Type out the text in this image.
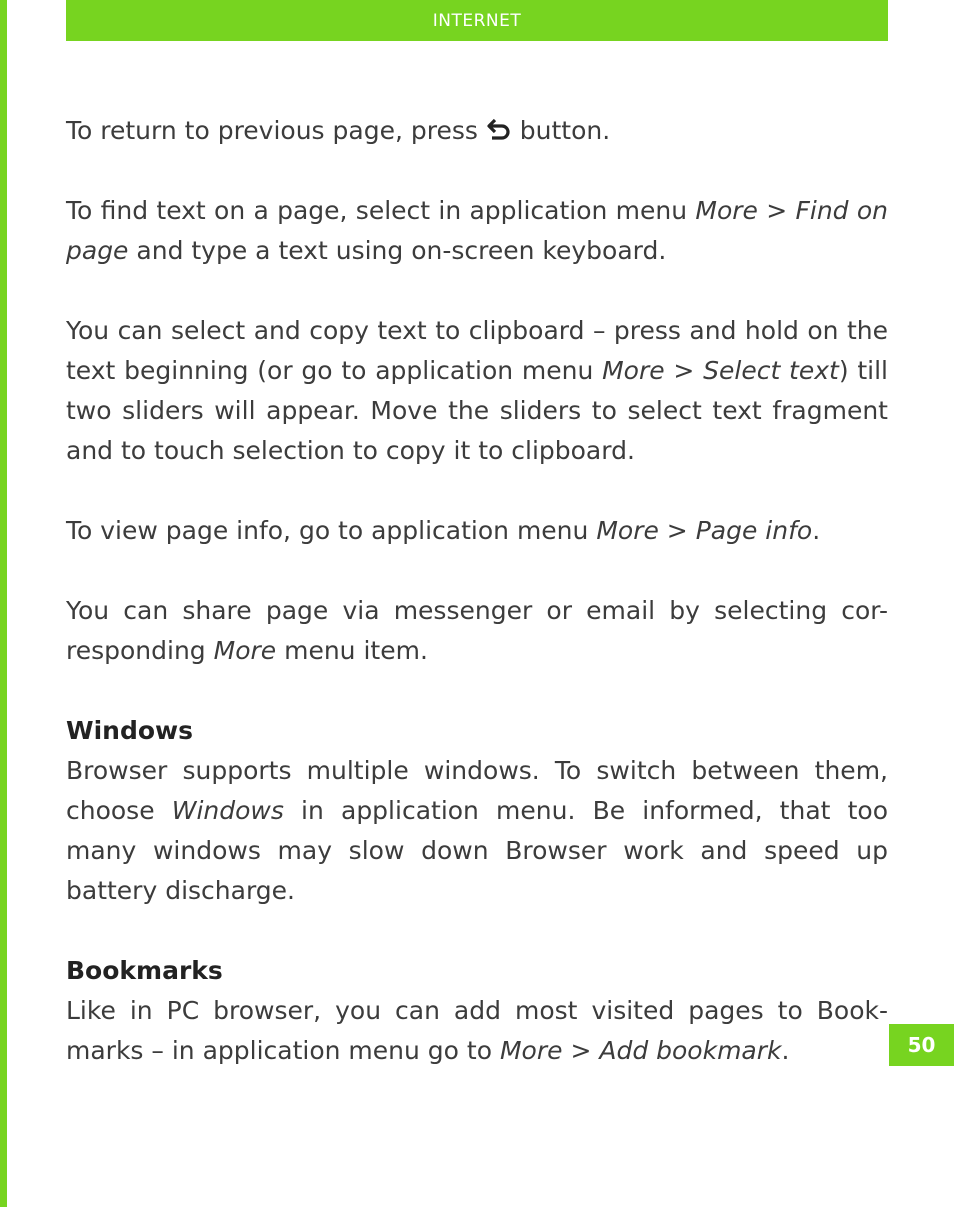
INTERNET

To return to previous page, press  button.

To find text on a page, select in application menu More > Find on page and type a text using on-screen keyboard.

You can select and copy text to clipboard – press and hold on the text beginning (or go to application menu More > Select text) till two sliders will appear. Move the sliders to select text fragment and to touch selection to copy it to clipboard.

To view page info, go to application menu More > Page info.

You can share page via messenger or email by selecting cor-responding More menu item.

Windows

Browser supports multiple windows. To switch between them, choose Windows in application menu. Be informed, that too many windows may slow down Browser work and speed up battery discharge.

Bookmarks

Like in PC browser, you can add most visited pages to Book-marks – in application menu go to More > Add bookmark.	50
